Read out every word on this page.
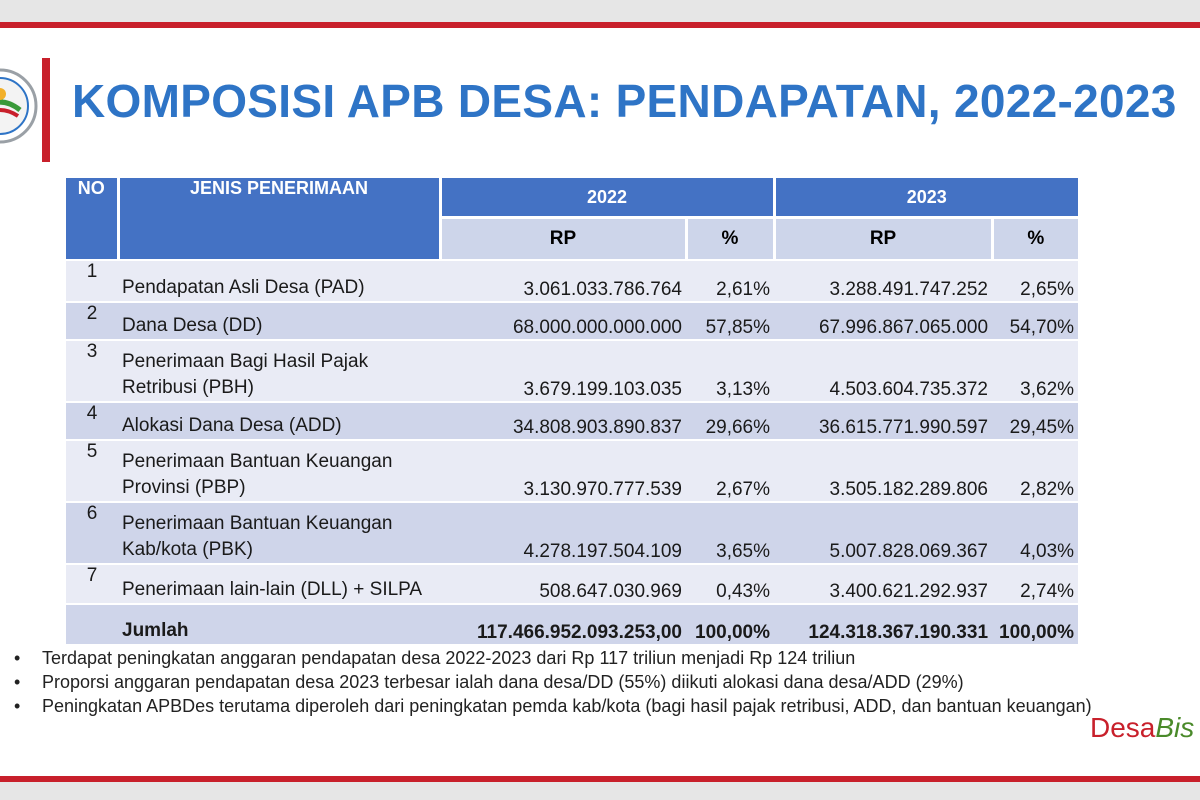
KOMPOSISI APB DESA: PENDAPATAN, 2022-2023
NO	JENIS PENERIMAAN	2022		2023	
		RP	%	RP	%
1	Pendapatan Asli Desa (PAD)	3.061.033.786.764	2,61%	3.288.491.747.252	2,65%
2	Dana Desa (DD)	68.000.000.000.000	57,85%	67.996.867.065.000	54,70%
3	Penerimaan Bagi Hasil Pajak Retribusi (PBH)	3.679.199.103.035	3,13%	4.503.604.735.372	3,62%
4	Alokasi Dana Desa (ADD)	34.808.903.890.837	29,66%	36.615.771.990.597	29,45%
5	Penerimaan Bantuan Keuangan Provinsi (PBP)	3.130.970.777.539	2,67%	3.505.182.289.806	2,82%
6	Penerimaan Bantuan Keuangan Kab/kota (PBK)	4.278.197.504.109	3,65%	5.007.828.069.367	4,03%
7	Penerimaan lain-lain (DLL) + SILPA	508.647.030.969	0,43%	3.400.621.292.937	2,74%
	Jumlah	117.466.952.093.253,00	100,00%	124.318.367.190.331	100,00%
• Terdapat peningkatan anggaran pendapatan desa 2022-2023 dari Rp 117 triliun menjadi Rp 124 triliun
• Proporsi anggaran pendapatan desa 2023 terbesar ialah dana desa/DD (55%) diikuti alokasi dana desa/ADD (29%)
• Peningkatan APBDes terutama diperoleh dari peningkatan pemda kab/kota (bagi hasil pajak retribusi, ADD, dan bantuan keuangan)
DesaBis
